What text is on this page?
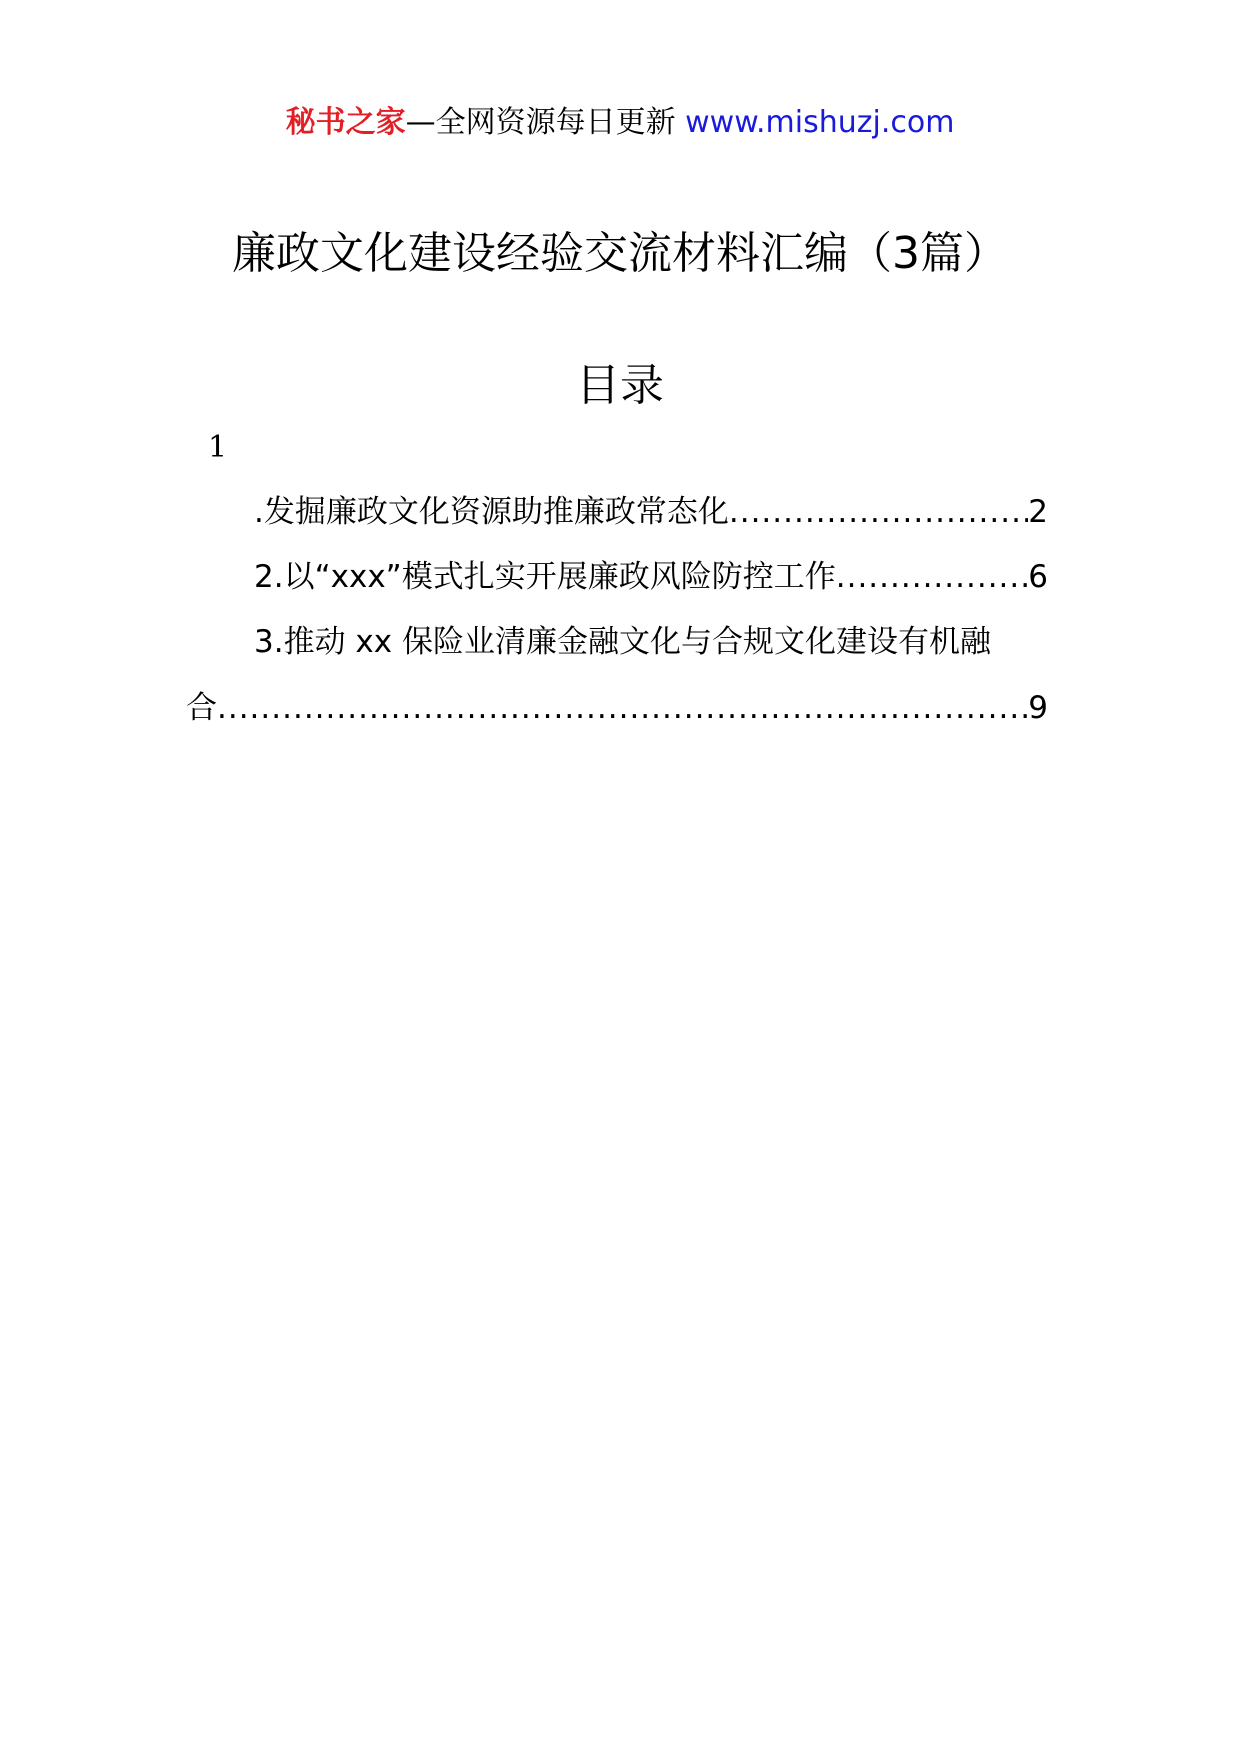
秘书之家—全网资源每日更新 www.mishuzj.com
廉政文化建设经验交流材料汇编（3篇）
目录
1
.发掘廉政文化资源助推廉政常态化 .....	2
2.以“xxx”模式扎实开展廉政风险防控工作 .....	6
3.推动 xx 保险业清廉金融文化与合规文化建设有机融
合 .....	9
